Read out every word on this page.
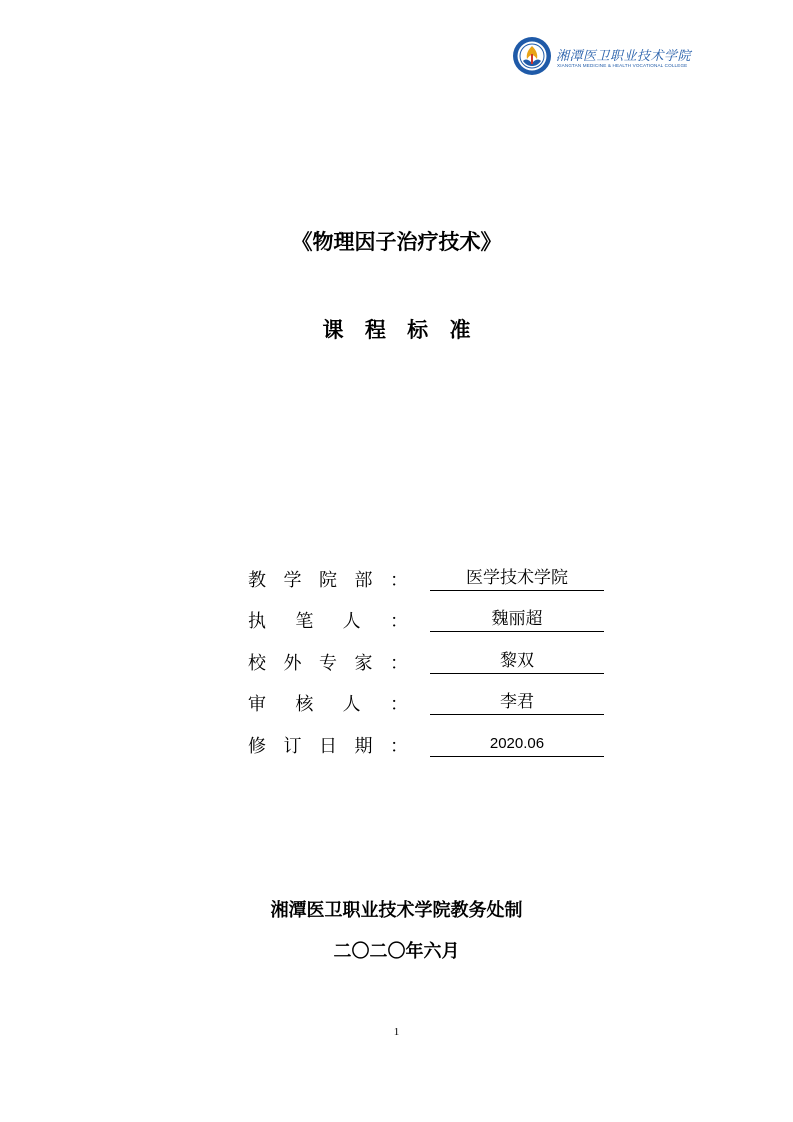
湘潭医卫职业技术学院
XIANGTAN MEDICINE & HEALTH VOCATIONAL COLLEGE
《物理因子治疗技术》
课 程 标 准
教 学 院 部 ：	医学技术学院
执 笔 人 ：	魏丽超
校 外 专 家 ：	黎双
审 核 人 ：	李君
修 订 日 期 ：	2020.06
湘潭医卫职业技术学院教务处制
二〇二〇年六月
1
